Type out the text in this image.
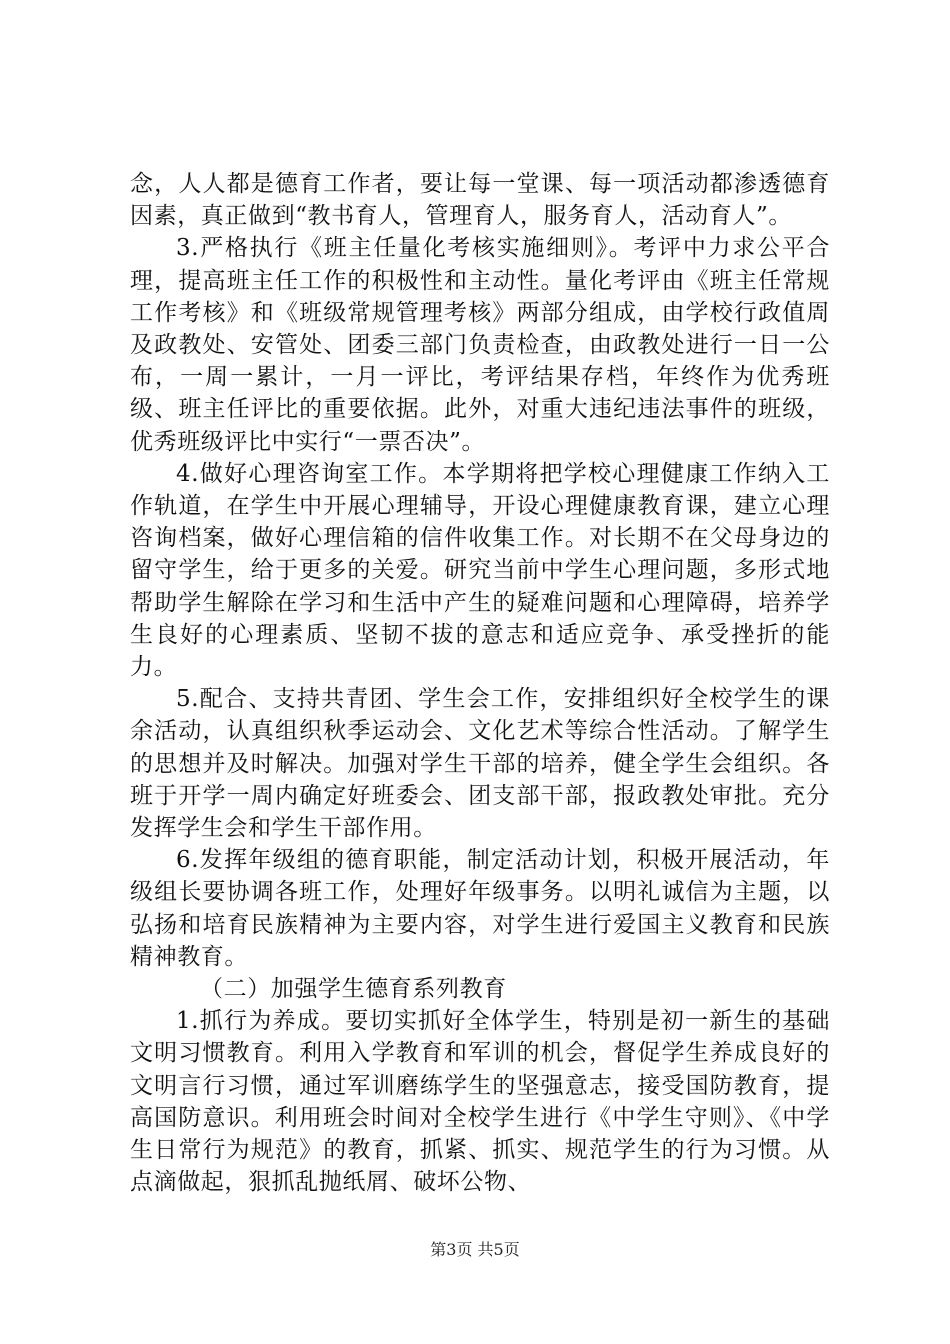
念，人人都是德育工作者，要让每一堂课、每一项活动都渗透德育因素，真正做到“教书育人，管理育人，服务育人，活动育人”。

3.严格执行《班主任量化考核实施细则》。考评中力求公平合理，提高班主任工作的积极性和主动性。量化考评由《班主任常规工作考核》和《班级常规管理考核》两部分组成，由学校行政值周及政教处、安管处、团委三部门负责检查，由政教处进行一日一公布，一周一累计，一月一评比，考评结果存档，年终作为优秀班级、班主任评比的重要依据。此外，对重大违纪违法事件的班级，优秀班级评比中实行“一票否决”。

4.做好心理咨询室工作。本学期将把学校心理健康工作纳入工作轨道，在学生中开展心理辅导，开设心理健康教育课，建立心理咨询档案，做好心理信箱的信件收集工作。对长期不在父母身边的留守学生，给于更多的关爱。研究当前中学生心理问题，多形式地帮助学生解除在学习和生活中产生的疑难问题和心理障碍，培养学生良好的心理素质、坚韧不拔的意志和适应竞争、承受挫折的能力。

5.配合、支持共青团、学生会工作，安排组织好全校学生的课余活动，认真组织秋季运动会、文化艺术等综合性活动。了解学生的思想并及时解决。加强对学生干部的培养，健全学生会组织。各班于开学一周内确定好班委会、团支部干部，报政教处审批。充分发挥学生会和学生干部作用。

6.发挥年级组的德育职能，制定活动计划，积极开展活动，年级组长要协调各班工作，处理好年级事务。以明礼诚信为主题，以弘扬和培育民族精神为主要内容，对学生进行爱国主义教育和民族精神教育。

（二）加强学生德育系列教育

1.抓行为养成。要切实抓好全体学生，特别是初一新生的基础文明习惯教育。利用入学教育和军训的机会，督促学生养成良好的文明言行习惯，通过军训磨练学生的坚强意志，接受国防教育，提高国防意识。利用班会时间对全校学生进行《中学生守则》、《中学生日常行为规范》的教育，抓紧、抓实、规范学生的行为习惯。从点滴做起，狠抓乱抛纸屑、破坏公物、

第3页 共5页
